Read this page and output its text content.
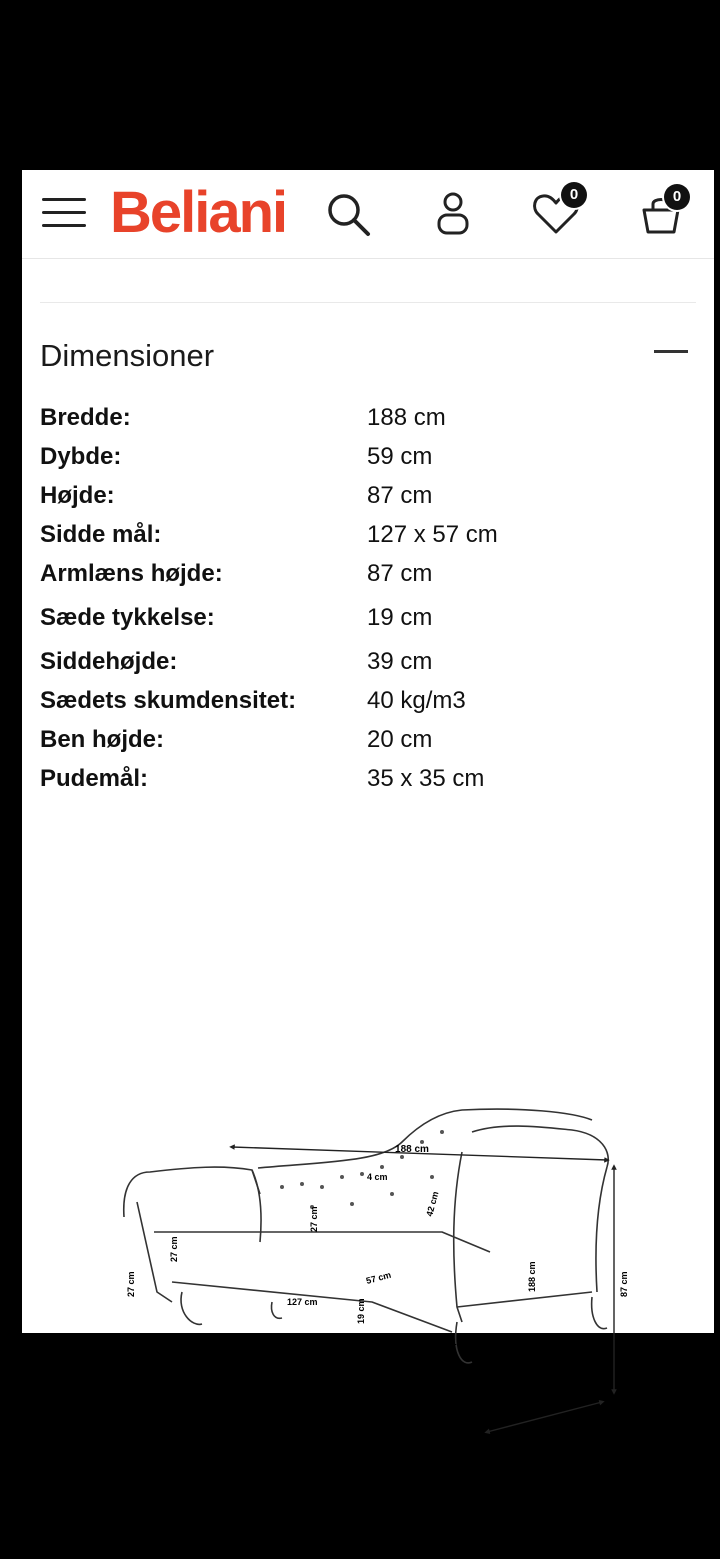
Beliani	0	0
Dimensioner
Bredde:	188 cm
Dybde:	59 cm
Højde:	87 cm
Sidde mål:	127 x 57 cm
Armlæns højde:	87 cm
Sæde tykkelse:	19 cm
Siddehøjde:	39 cm
Sædets skumdensitet:	40 kg/m3
Ben højde:	20 cm
Pudemål:	35 x 35 cm
188 cm
4 cm
27 cm
27 cm
42 cm
27 cm	57 cm
127 cm
188 cm	87 cm
19 cm
20 cm
11 cm
59 cm
+/- 2 cm
